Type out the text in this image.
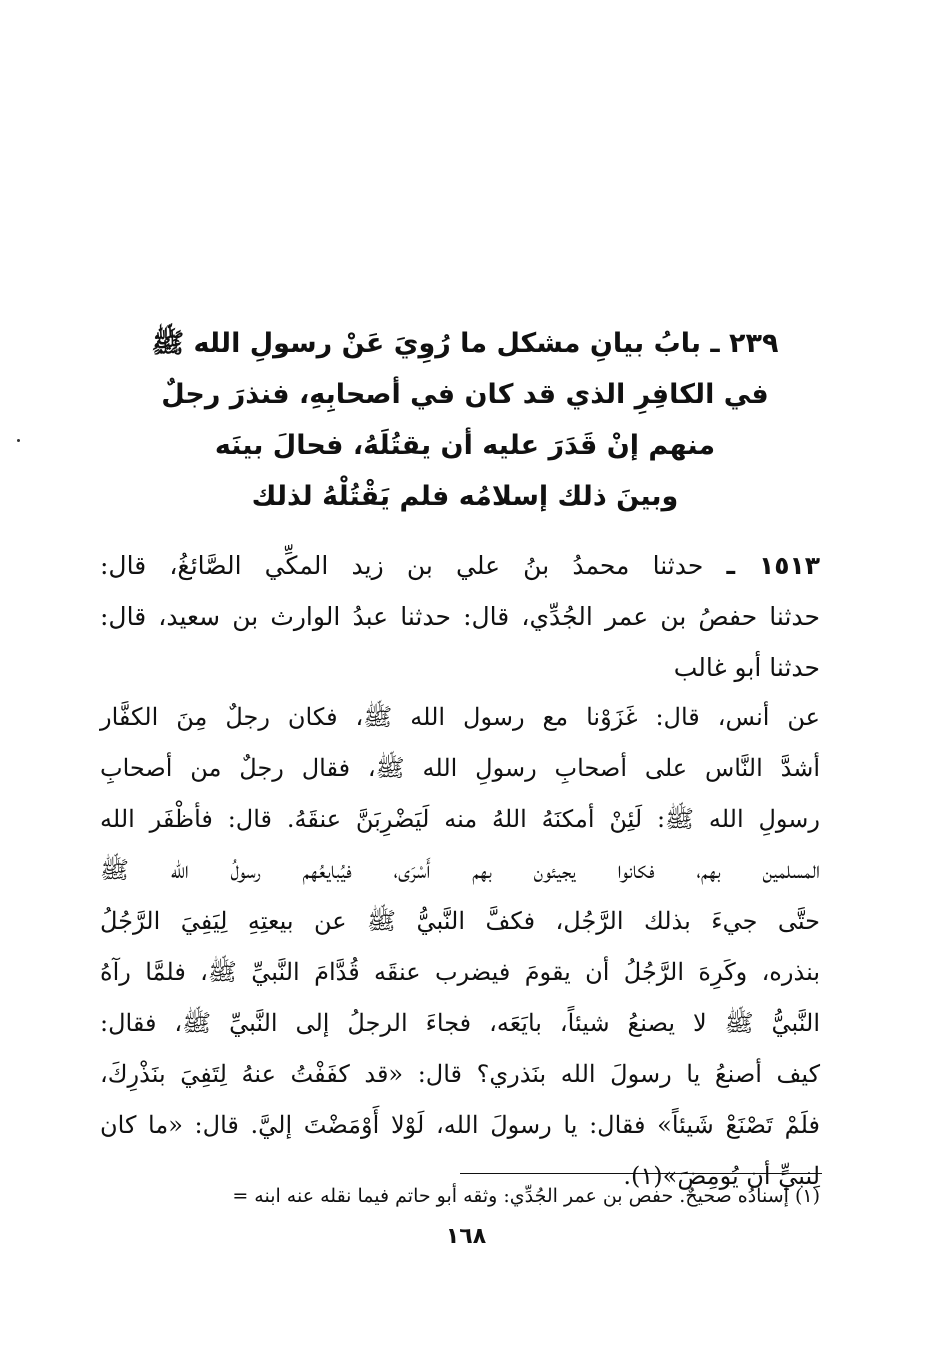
٢٣٩ ـ بابُ بيانِ مشكل ما رُوِيَ عَنْ رسولِ الله ﷺ
في الكافِرِ الذي قد كان في أصحابِهِ، فنذرَ رجلٌ
منهم إنْ قَدَرَ عليه أن يقتُلَهُ، فحالَ بينَه
وبينَ ذلك إسلامُه فلم يَقْتُلْهُ لذلك
١٥١٣ ـ حدثنا محمدُ بنُ علي بن زيد المكِّي الصَّائغُ، قال:
حدثنا حفصُ بن عمر الجُدِّي، قال: حدثنا عبدُ الوارث بن سعيد، قال:
حدثنا أبو غالب
عن أنس، قال: غَزَوْنا مع رسول الله ﷺ، فكان رجلٌ مِنَ الكفَّار
أشدَّ النَّاس على أصحابِ رسولِ الله ﷺ، فقال رجلٌ من أصحابِ
رسولِ الله ﷺ: لَئِنْ أمكنَهُ اللهُ منه لَيَضْرِبَنَّ عنقَهُ. قال: فأظْفَر الله
المسلمين بهم، فكانوا يجيئون بهم أَسْرَى، فيُبايعُهم رسولُ الله ﷺ
حتَّى جيءَ بذلك الرَّجُل، فكفَّ النَّبيُّ ﷺ عن بيعتِهِ لِيَفِيَ الرَّجُلُ
بنذره، وكَرِهَ الرَّجُلُ أن يقومَ فيضرب عنقَه قُدَّامَ النَّبيِّ ﷺ، فلمَّا رآهُ
النَّبيُّ ﷺ لا يصنعُ شيئاً، بايَعَه، فجاءَ الرجلُ إلى النَّبيِّ ﷺ، فقال:
كيف أصنعُ يا رسولَ الله بنَذري؟ قال: «قد كفَفْتُ عنهُ لِتَفِيَ بنَذْرِكَ،
فلَمْ تَصْنَعْ شَيئاً» فقال: يا رسولَ الله، لَوْلا أَوْمَضْتَ إليَّ. قال: «ما كان
لِنبيٍّ أن يُومِضَ»(١).
(١) إسنادُه صحيحٌ. حفص بن عمر الجُدِّي: وثقه أبو حاتم فيما نقله عنه ابنه =
١٦٨
